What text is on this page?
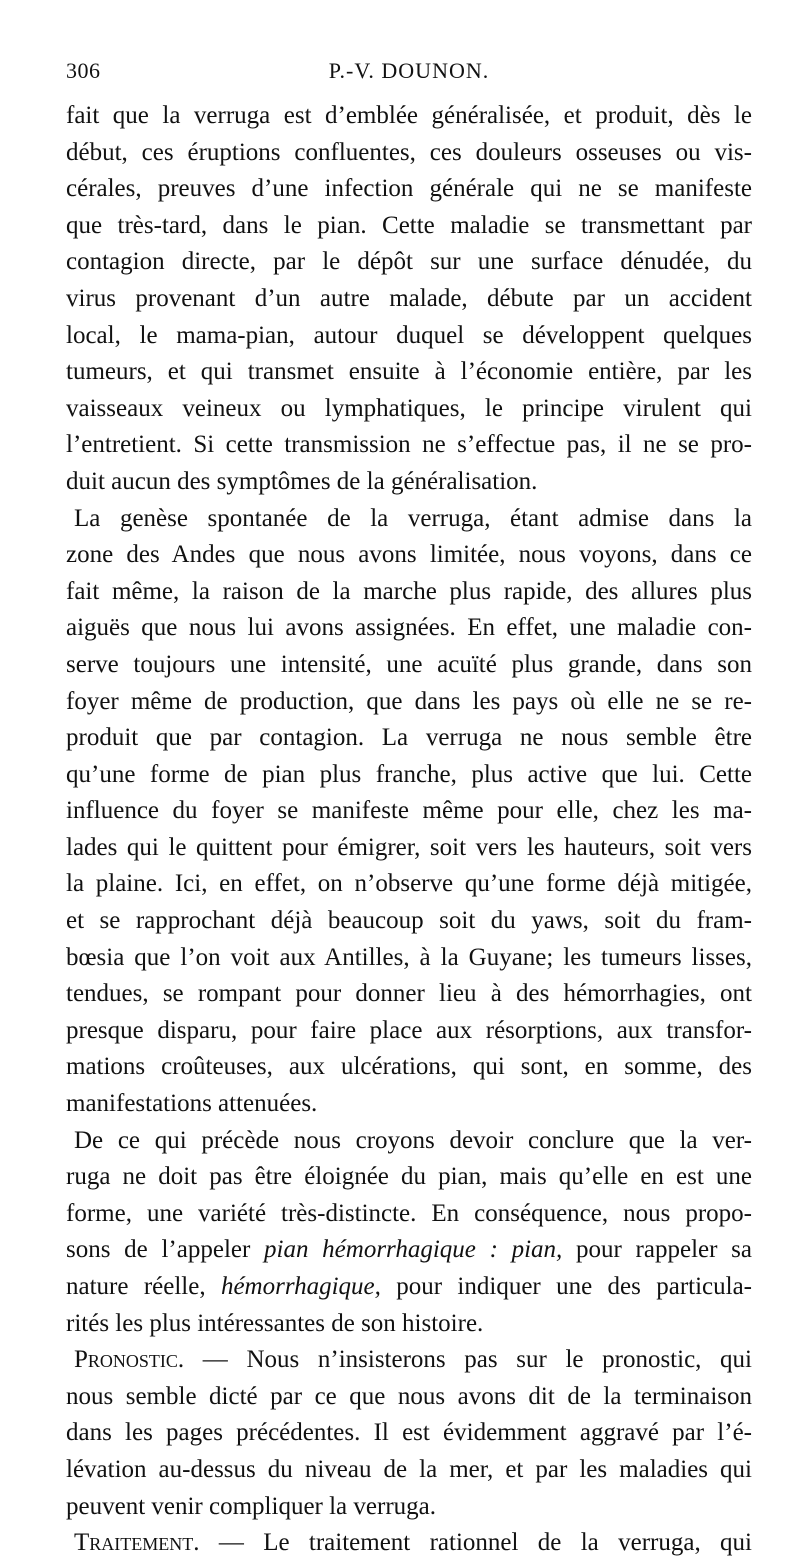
306	P.-V. DOUNON.
fait que la verruga est d’emblée généralisée, et produit, dès le
début, ces éruptions confluentes, ces douleurs osseuses ou vis-
cérales, preuves d’une infection générale qui ne se manifeste
que très-tard, dans le pian. Cette maladie se transmettant par
contagion directe, par le dépôt sur une surface dénudée, du
virus provenant d’un autre malade, débute par un accident
local, le mama-pian, autour duquel se développent quelques
tumeurs, et qui transmet ensuite à l’économie entière, par les
vaisseaux veineux ou lymphatiques, le principe virulent qui
l’entretient. Si cette transmission ne s’effectue pas, il ne se pro-
duit aucun des symptômes de la généralisation.
La genèse spontanée de la verruga, étant admise dans la
zone des Andes que nous avons limitée, nous voyons, dans ce
fait même, la raison de la marche plus rapide, des allures plus
aiguës que nous lui avons assignées. En effet, une maladie con-
serve toujours une intensité, une acuïté plus grande, dans son
foyer même de production, que dans les pays où elle ne se re-
produit que par contagion. La verruga ne nous semble être
qu’une forme de pian plus franche, plus active que lui. Cette
influence du foyer se manifeste même pour elle, chez les ma-
lades qui le quittent pour émigrer, soit vers les hauteurs, soit vers
la plaine. Ici, en effet, on n’observe qu’une forme déjà mitigée,
et se rapprochant déjà beaucoup soit du yaws, soit du fram-
bœsia que l’on voit aux Antilles, à la Guyane; les tumeurs lisses,
tendues, se rompant pour donner lieu à des hémorrhagies, ont
presque disparu, pour faire place aux résorptions, aux transfor-
mations croûteuses, aux ulcérations, qui sont, en somme, des
manifestations attenuées.
De ce qui précède nous croyons devoir conclure que la ver-
ruga ne doit pas être éloignée du pian, mais qu’elle en est une
forme, une variété très-distincte. En conséquence, nous propo-
sons de l’appeler pian hémorrhagique : pian, pour rappeler sa
nature réelle, hémorrhagique, pour indiquer une des particula-
rités les plus intéressantes de son histoire.
Pronostic. — Nous n’insisterons pas sur le pronostic, qui
nous semble dicté par ce que nous avons dit de la terminaison
dans les pages précédentes. Il est évidemment aggravé par l’é-
lévation au-dessus du niveau de la mer, et par les maladies qui
peuvent venir compliquer la verruga.
Traitement. — Le traitement rationnel de la verruga, qui
